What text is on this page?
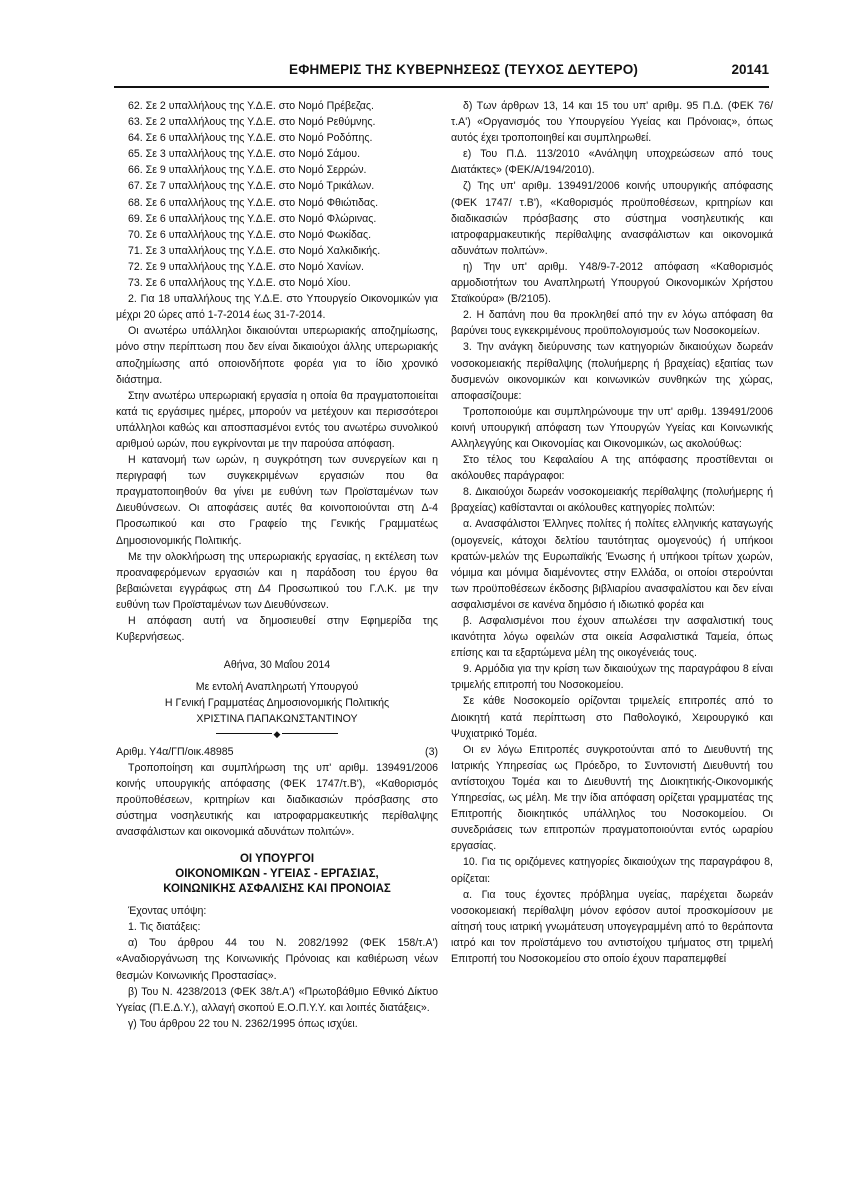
ΕΦΗΜΕΡΙΣ ΤΗΣ ΚΥΒΕΡΝΗΣΕΩΣ (ΤΕΥΧΟΣ ΔΕΥΤΕΡΟ)	20141

62. Σε 2 υπαλλήλους της Υ.Δ.Ε. στο Νομό Πρέβεζας.

63. Σε 2 υπαλλήλους της Υ.Δ.Ε. στο Νομό Ρεθύμνης.

64. Σε 6 υπαλλήλους της Υ.Δ.Ε. στο Νομό Ροδόπης.

65. Σε 3 υπαλλήλους της Υ.Δ.Ε. στο Νομό Σάμου.

66. Σε 9 υπαλλήλους της Υ.Δ.Ε. στο Νομό Σερρών.

67. Σε 7 υπαλλήλους της Υ.Δ.Ε. στο Νομό Τρικάλων.

68. Σε 6 υπαλλήλους της Υ.Δ.Ε. στο Νομό Φθιώτιδας.

69. Σε 6 υπαλλήλους της Υ.Δ.Ε. στο Νομό Φλώρινας.

70. Σε 6 υπαλλήλους της Υ.Δ.Ε. στο Νομό Φωκίδας.

71. Σε 3 υπαλλήλους της Υ.Δ.Ε. στο Νομό Χαλκιδικής.

72. Σε 9 υπαλλήλους της Υ.Δ.Ε. στο Νομό Χανίων.

73. Σε 6 υπαλλήλους της Υ.Δ.Ε. στο Νομό Χίου.

2. Για 18 υπαλλήλους της Υ.Δ.Ε. στο Υπουργείο Οικονομικών για μέχρι 20 ώρες από 1-7-2014 έως 31-7-2014.

Οι ανωτέρω υπάλληλοι δικαιούνται υπερωριακής αποζημίωσης, μόνο στην περίπτωση που δεν είναι δικαιούχοι άλλης υπερωριακής αποζημίωσης από οποιονδήποτε φορέα για το ίδιο χρονικό διάστημα.

Στην ανωτέρω υπερωριακή εργασία η οποία θα πραγματοποιείται κατά τις εργάσιμες ημέρες, μπορούν να μετέχουν και περισσότεροι υπάλληλοι καθώς και αποσπασμένοι εντός του ανωτέρω συνολικού αριθμού ωρών, που εγκρίνονται με την παρούσα απόφαση.

Η κατανομή των ωρών, η συγκρότηση των συνεργείων και η περιγραφή των συγκεκριμένων εργασιών που θα πραγματοποιηθούν θα γίνει με ευθύνη των Προϊσταμένων των Διευθύνσεων. Οι αποφάσεις αυτές θα κοινοποιούνται στη Δ-4 Προσωπικού και στο Γραφείο της Γενικής Γραμματέως Δημοσιονομικής Πολιτικής.

Με την ολοκλήρωση της υπερωριακής εργασίας, η εκτέλεση των προαναφερόμενων εργασιών και η παράδοση του έργου θα βεβαιώνεται εγγράφως στη Δ4 Προσωπικού του Γ.Λ.Κ. με την ευθύνη των Προϊσταμένων των Διευθύνσεων.

Η απόφαση αυτή να δημοσιευθεί στην Εφημερίδα της Κυβερνήσεως.

Αθήνα, 30 Μαΐου 2014

Με εντολή Αναπληρωτή Υπουργού

Η Γενική Γραμματέας Δημοσιονομικής Πολιτικής

ΧΡΙΣΤΙΝΑ ΠΑΠΑΚΩΝΣΤΑΝΤΙΝΟΥ

◆
Αριθμ. Υ4α/ΓΠ/οικ.48985	(3)

Τροποποίηση και συμπλήρωση της υπ' αριθμ. 139491/2006 κοινής υπουργικής απόφασης (ΦΕΚ 1747/τ.Β'), «Καθορισμός προϋποθέσεων, κριτηρίων και διαδικασιών πρόσβασης στο σύστημα νοσηλευτικής και ιατροφαρμακευτικής περίθαλψης ανασφάλιστων και οικονομικά αδυνάτων πολιτών».

ΟΙ ΥΠΟΥΡΓΟΙ

ΟΙΚΟΝΟΜΙΚΩΝ - ΥΓΕΙΑΣ - ΕΡΓΑΣΙΑΣ,

ΚΟΙΝΩΝΙΚΗΣ ΑΣΦΑΛΙΣΗΣ ΚΑΙ ΠΡΟΝΟΙΑΣ

Έχοντας υπόψη:

1. Τις διατάξεις:

α) Του άρθρου 44 του Ν. 2082/1992 (ΦΕΚ 158/τ.Α') «Αναδιοργάνωση της Κοινωνικής Πρόνοιας και καθιέρωση νέων θεσμών Κοινωνικής Προστασίας».

β) Του Ν. 4238/2013 (ΦΕΚ 38/τ.Α') «Πρωτοβάθμιο Εθνικό Δίκτυο Υγείας (Π.Ε.Δ.Υ.), αλλαγή σκοπού Ε.Ο.Π.Υ.Υ. και λοιπές διατάξεις».

γ) Του άρθρου 22 του Ν. 2362/1995 όπως ισχύει.

δ) Των άρθρων 13, 14 και 15 του υπ' αριθμ. 95 Π.Δ. (ΦΕΚ 76/τ.Α') «Οργανισμός του Υπουργείου Υγείας και Πρόνοιας», όπως αυτός έχει τροποποιηθεί και συμπληρωθεί.

ε) Του Π.Δ. 113/2010 «Ανάληψη υποχρεώσεων από τους Διατάκτες» (ΦΕΚ/Α/194/2010).

ζ) Της υπ' αριθμ. 139491/2006 κοινής υπουργικής απόφασης (ΦΕΚ 1747/ τ.Β'), «Καθορισμός προϋποθέσεων, κριτηρίων και διαδικασιών πρόσβασης στο σύστημα νοσηλευτικής και ιατροφαρμακευτικής περίθαλψης ανασφάλιστων και οικονομικά αδυνάτων πολιτών».

η) Την υπ' αριθμ. Υ48/9-7-2012 απόφαση «Καθορισμός αρμοδιοτήτων του Αναπληρωτή Υπουργού Οικονομικών Χρήστου Σταϊκούρα» (Β/2105).

2. Η δαπάνη που θα προκληθεί από την εν λόγω απόφαση θα βαρύνει τους εγκεκριμένους προϋπολογισμούς των Νοσοκομείων.

3. Την ανάγκη διεύρυνσης των κατηγοριών δικαιούχων δωρεάν νοσοκομειακής περίθαλψης (πολυήμερης ή βραχείας) εξαιτίας των δυσμενών οικονομικών και κοινωνικών συνθηκών της χώρας, αποφασίζουμε:

Τροποποιούμε και συμπληρώνουμε την υπ' αριθμ. 139491/2006 κοινή υπουργική απόφαση των Υπουργών Υγείας και Κοινωνικής Αλληλεγγύης και Οικονομίας και Οικονομικών, ως ακολούθως:

Στο τέλος του Κεφαλαίου Α της απόφασης προστίθενται οι ακόλουθες παράγραφοι:

8. Δικαιούχοι δωρεάν νοσοκομειακής περίθαλψης (πολυήμερης ή βραχείας) καθίστανται οι ακόλουθες κατηγορίες πολιτών:

α. Ανασφάλιστοι Έλληνες πολίτες ή πολίτες ελληνικής καταγωγής (ομογενείς, κάτοχοι δελτίου ταυτότητας ομογενούς) ή υπήκοοι κρατών-μελών της Ευρωπαϊκής Ένωσης ή υπήκοοι τρίτων χωρών, νόμιμα και μόνιμα διαμένοντες στην Ελλάδα, οι οποίοι στερούνται των προϋποθέσεων έκδοσης βιβλιαρίου ανασφαλίστου και δεν είναι ασφαλισμένοι σε κανένα δημόσιο ή ιδιωτικό φορέα και

β. Ασφαλισμένοι που έχουν απωλέσει την ασφαλιστική τους ικανότητα λόγω οφειλών στα οικεία Ασφαλιστικά Ταμεία, όπως επίσης και τα εξαρτώμενα μέλη της οικογένειάς τους.

9. Αρμόδια για την κρίση των δικαιούχων της παραγράφου 8 είναι τριμελής επιτροπή του Νοσοκομείου.

Σε κάθε Νοσοκομείο ορίζονται τριμελείς επιτροπές από το Διοικητή κατά περίπτωση στο Παθολογικό, Χειρουργικό και Ψυχιατρικό Τομέα.

Οι εν λόγω Επιτροπές συγκροτούνται από το Διευθυντή της Ιατρικής Υπηρεσίας ως Πρόεδρο, το Συντονιστή Διευθυντή του αντίστοιχου Τομέα και το Διευθυντή της Διοικητικής-Οικονομικής Υπηρεσίας, ως μέλη. Με την ίδια απόφαση ορίζεται γραμματέας της Επιτροπής διοικητικός υπάλληλος του Νοσοκομείου. Οι συνεδριάσεις των επιτροπών πραγματοποιούνται εντός ωραρίου εργασίας.

10. Για τις οριζόμενες κατηγορίες δικαιούχων της παραγράφου 8, ορίζεται:

α. Για τους έχοντες πρόβλημα υγείας, παρέχεται δωρεάν νοσοκομειακή περίθαλψη μόνον εφόσον αυτοί προσκομίσουν με αίτησή τους ιατρική γνωμάτευση υπογεγραμμένη από το θεράποντα ιατρό και τον προϊστάμενο του αντιστοίχου τμήματος στη τριμελή Επιτροπή του Νοσοκομείου στο οποίο έχουν παραπεμφθεί
